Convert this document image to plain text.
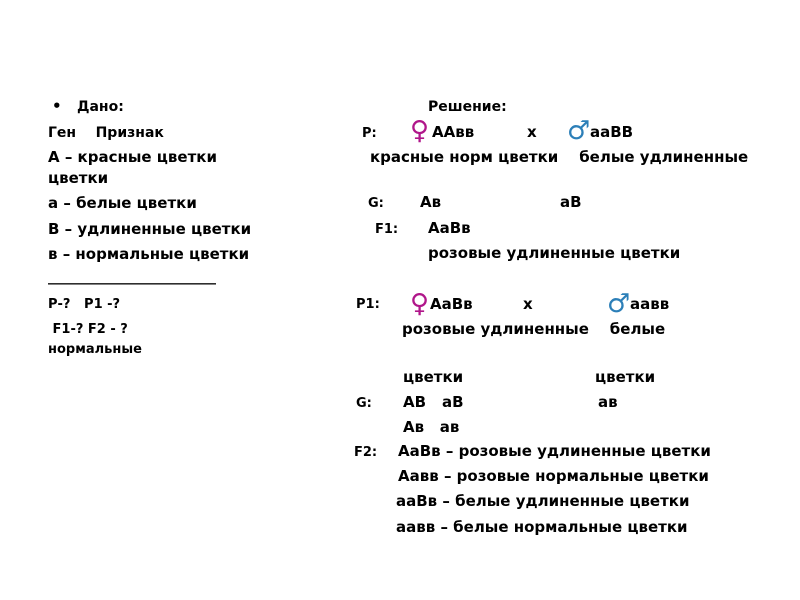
• Дано:
Ген    Признак
А – красные цветки
цветки
а – белые цветки
В – удлиненные цветки
в – нормальные цветки
________________________
Р-?   Р1 -?
F1-? F2 - ?
нормальные
Решение:
Р: ♀ ААвв	х ♂ ааВВ
красные норм цветки    белые удлиненные
G: Ав	аВ
F1: АаВв
розовые удлиненные цветки
Р1: ♀ АаВв	х	♂ аавв
розовые удлиненные    белые
цветки	цветки
G: АВ аВ	ав
Ав   ав
F2: АаВв – розовые удлиненные цветки
Аавв – розовые нормальные цветки
ааВв – белые удлиненные цветки
аавв – белые нормальные цветки
